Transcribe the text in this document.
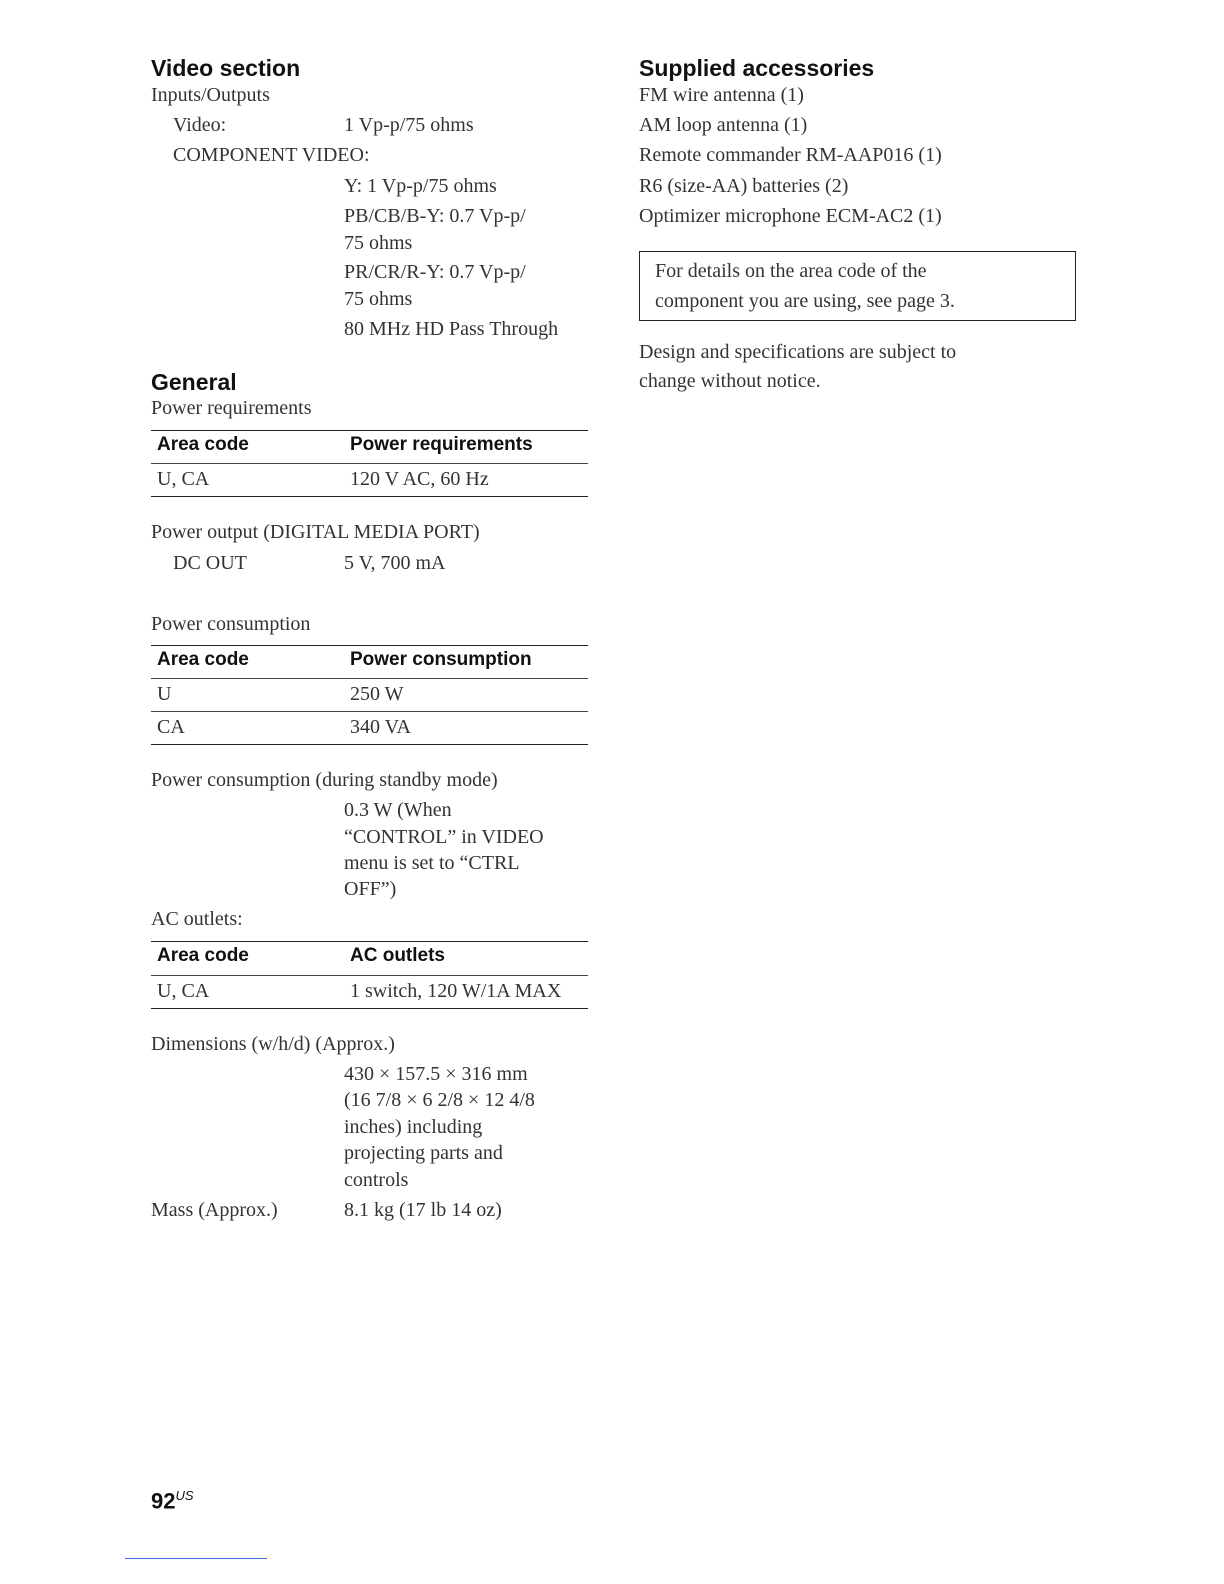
Video section
Inputs/Outputs
Video:	1 Vp-p/75 ohms
COMPONENT VIDEO:
Y: 1 Vp-p/75 ohms
PB/CB/B-Y: 0.7 Vp-p/
75 ohms
PR/CR/R-Y: 0.7 Vp-p/
75 ohms
80 MHz HD Pass Through
General
Power requirements
Area code	Power requirements
U, CA	120 V AC, 60 Hz
Power output (DIGITAL MEDIA PORT)
DC OUT	5 V, 700 mA
Power consumption
Area code	Power consumption
U	250 W
CA	340 VA
Power consumption (during standby mode)
0.3 W (When
“CONTROL” in VIDEO
menu is set to “CTRL
OFF”)
AC outlets:
Area code	AC outlets
U, CA	1 switch, 120 W/1A MAX
Dimensions (w/h/d) (Approx.)
430 × 157.5 × 316 mm
(16 7/8 × 6 2/8 × 12 4/8
inches) including
projecting parts and
controls
Mass (Approx.)	8.1 kg (17 lb 14 oz)
Supplied accessories
FM wire antenna (1)
AM loop antenna (1)
Remote commander RM-AAP016 (1)
R6 (size-AA) batteries (2)
Optimizer microphone ECM-AC2 (1)
For details on the area code of the
component you are using, see page 3.
Design and specifications are subject to
change without notice.
$92^{US}$
